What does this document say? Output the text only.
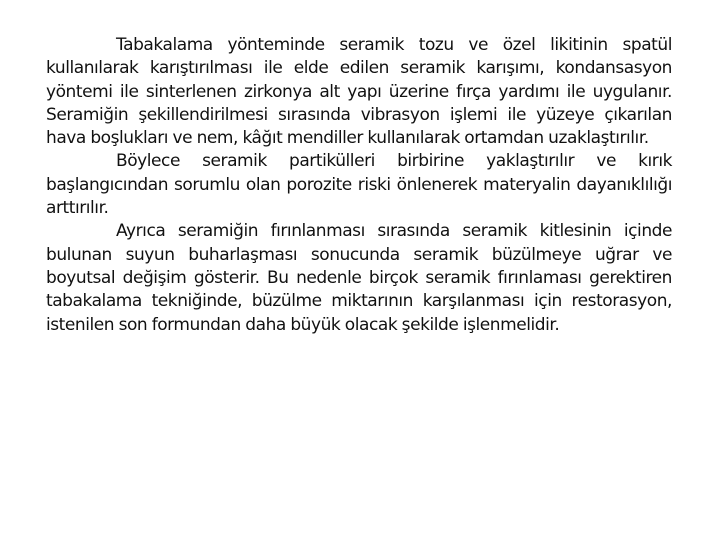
Tabakalama yönteminde seramik tozu ve özel likitinin spatül kullanılarak karıştırılması ile elde edilen seramik karışımı, kondansasyon yöntemi ile sinterlenen zirkonya alt yapı üzerine fırça yardımı ile uygulanır. Seramiğin şekillendirilmesi sırasında vibrasyon işlemi ile yüzeye çıkarılan hava boşlukları ve nem, kâğıt mendiller kullanılarak ortamdan uzaklaştırılır.

Böylece seramik partikülleri birbirine yaklaştırılır ve kırık başlangıcından sorumlu olan porozite riski önlenerek materyalin dayanıklılığı arttırılır.

Ayrıca seramiğin fırınlanması sırasında seramik kitlesinin içinde bulunan suyun buharlaşması sonucunda seramik büzülmeye uğrar ve boyutsal değişim gösterir. Bu nedenle birçok seramik fırınlaması gerektiren tabakalama tekniğinde, büzülme miktarının karşılanması için restorasyon, istenilen son formundan daha büyük olacak şekilde işlenmelidir.
